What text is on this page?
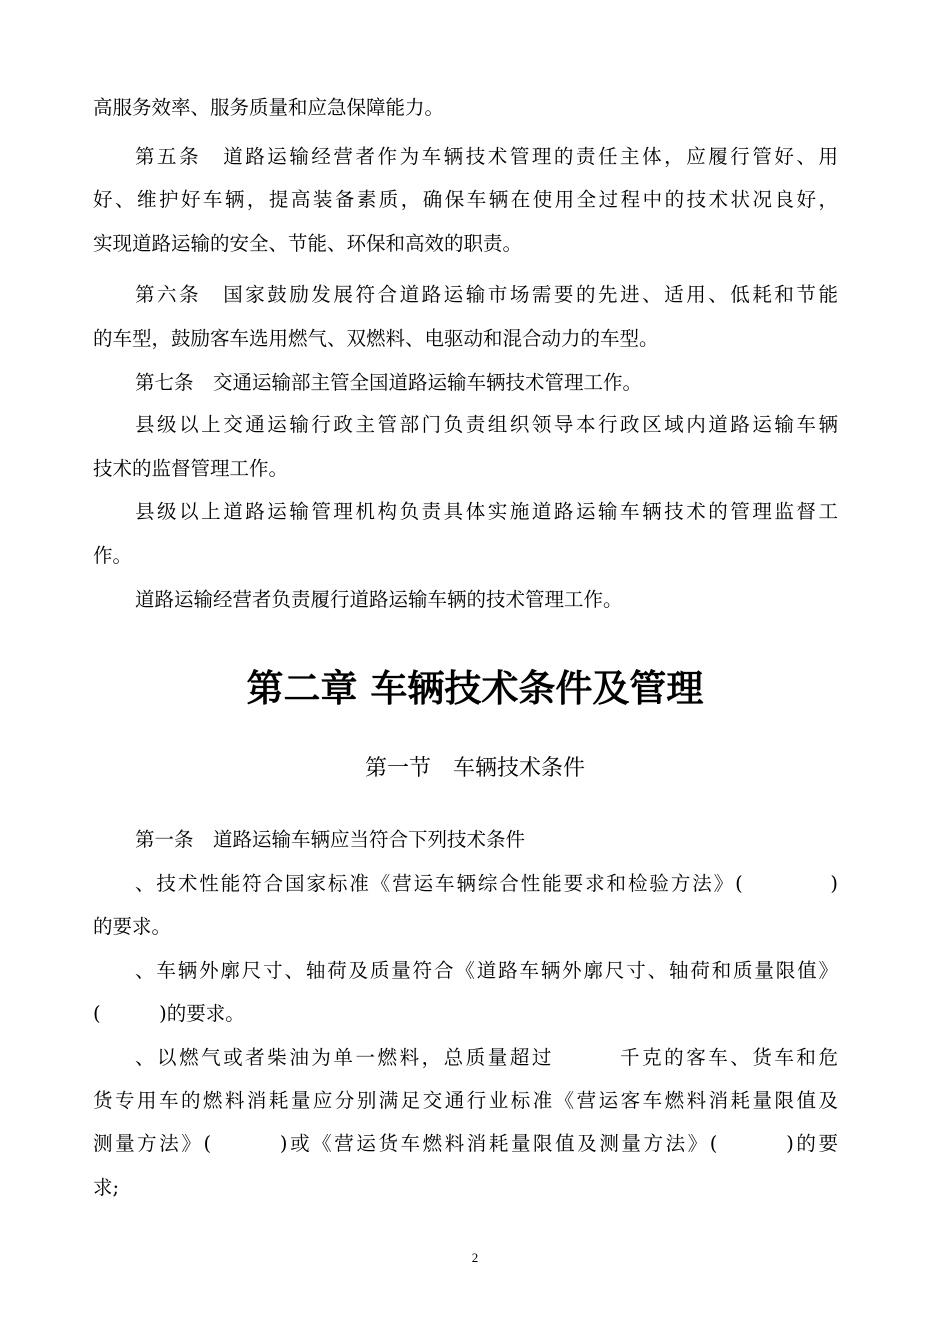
高服务效率、服务质量和应急保障能力。
第五条　道路运输经营者作为车辆技术管理的责任主体，应履行管好、用
好、维护好车辆，提高装备素质，确保车辆在使用全过程中的技术状况良好，
实现道路运输的安全、节能、环保和高效的职责。
第六条　国家鼓励发展符合道路运输市场需要的先进、适用、低耗和节能
的车型，鼓励客车选用燃气、双燃料、电驱动和混合动力的车型。
第七条　交通运输部主管全国道路运输车辆技术管理工作。
县级以上交通运输行政主管部门负责组织领导本行政区域内道路运输车辆
技术的监督管理工作。
县级以上道路运输管理机构负责具体实施道路运输车辆技术的管理监督工
作。
道路运输经营者负责履行道路运输车辆的技术管理工作。
第二章 车辆技术条件及管理
第一节　车辆技术条件
第一条　道路运输车辆应当符合下列技术条件
、技术性能符合国家标准《营运车辆综合性能要求和检验方法》(　　　　)
的要求。
、车辆外廓尺寸、轴荷及质量符合《道路车辆外廓尺寸、轴荷和质量限值》
(　　　)的要求。
、以燃气或者柴油为单一燃料，总质量超过　　　千克的客车、货车和危
货专用车的燃料消耗量应分别满足交通行业标准《营运客车燃料消耗量限值及
测量方法》(　　　)或《营运货车燃料消耗量限值及测量方法》(　　　)的要
求;
2
